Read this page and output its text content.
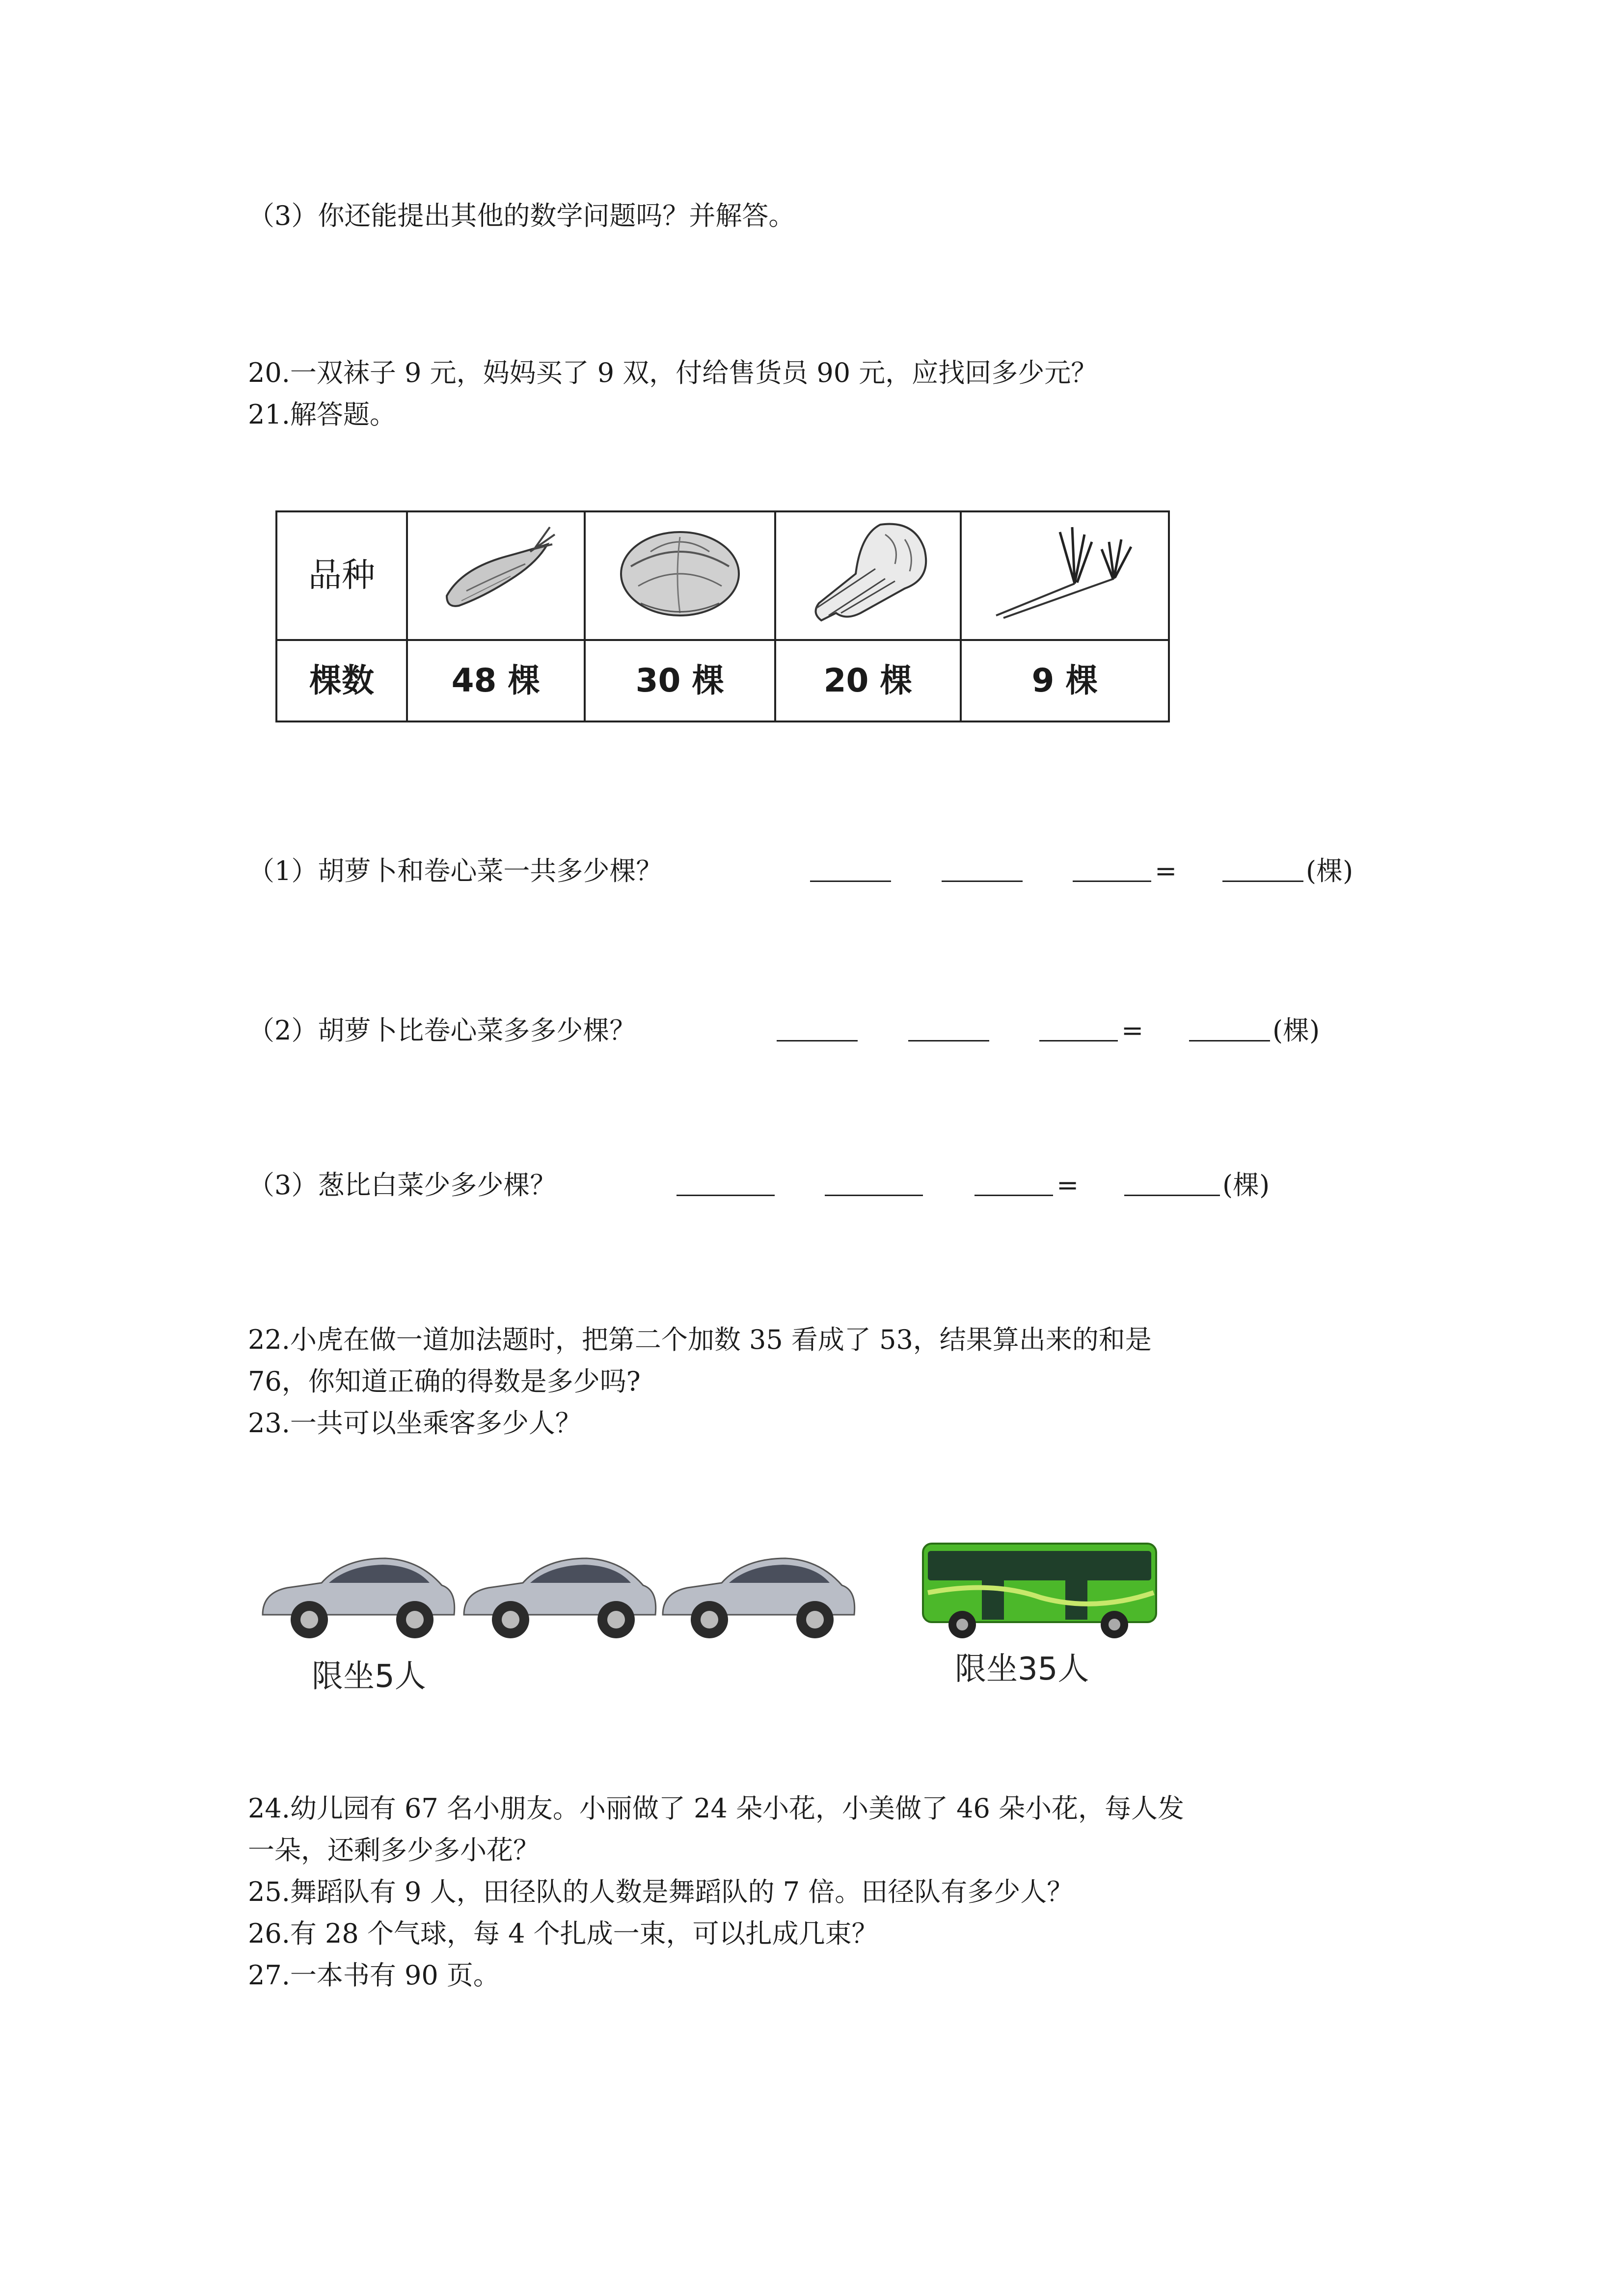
（3）你还能提出其他的数学问题吗？并解答。
20.一双袜子 9 元，妈妈买了 9 双，付给售货员 90 元，应找回多少元？
21.解答题。
品种				
棵数	48 棵	30 棵	20 棵	9 棵
（1）胡萝卜和卷心菜一共多少棵？	=	(棵)
（2）胡萝卜比卷心菜多多少棵？	=	(棵)
（3）葱比白菜少多少棵？	=	(棵)
22.小虎在做一道加法题时，把第二个加数 35 看成了 53，结果算出来的和是
76，你知道正确的得数是多少吗?
23.一共可以坐乘客多少人？
限坐5人	限坐35人
24.幼儿园有 67 名小朋友。小丽做了 24 朵小花，小美做了 46 朵小花，每人发
一朵，还剩多少多小花？
25.舞蹈队有 9 人，田径队的人数是舞蹈队的 7 倍。田径队有多少人？
26.有 28 个气球，每 4 个扎成一束，可以扎成几束？
27.一本书有 90 页。
